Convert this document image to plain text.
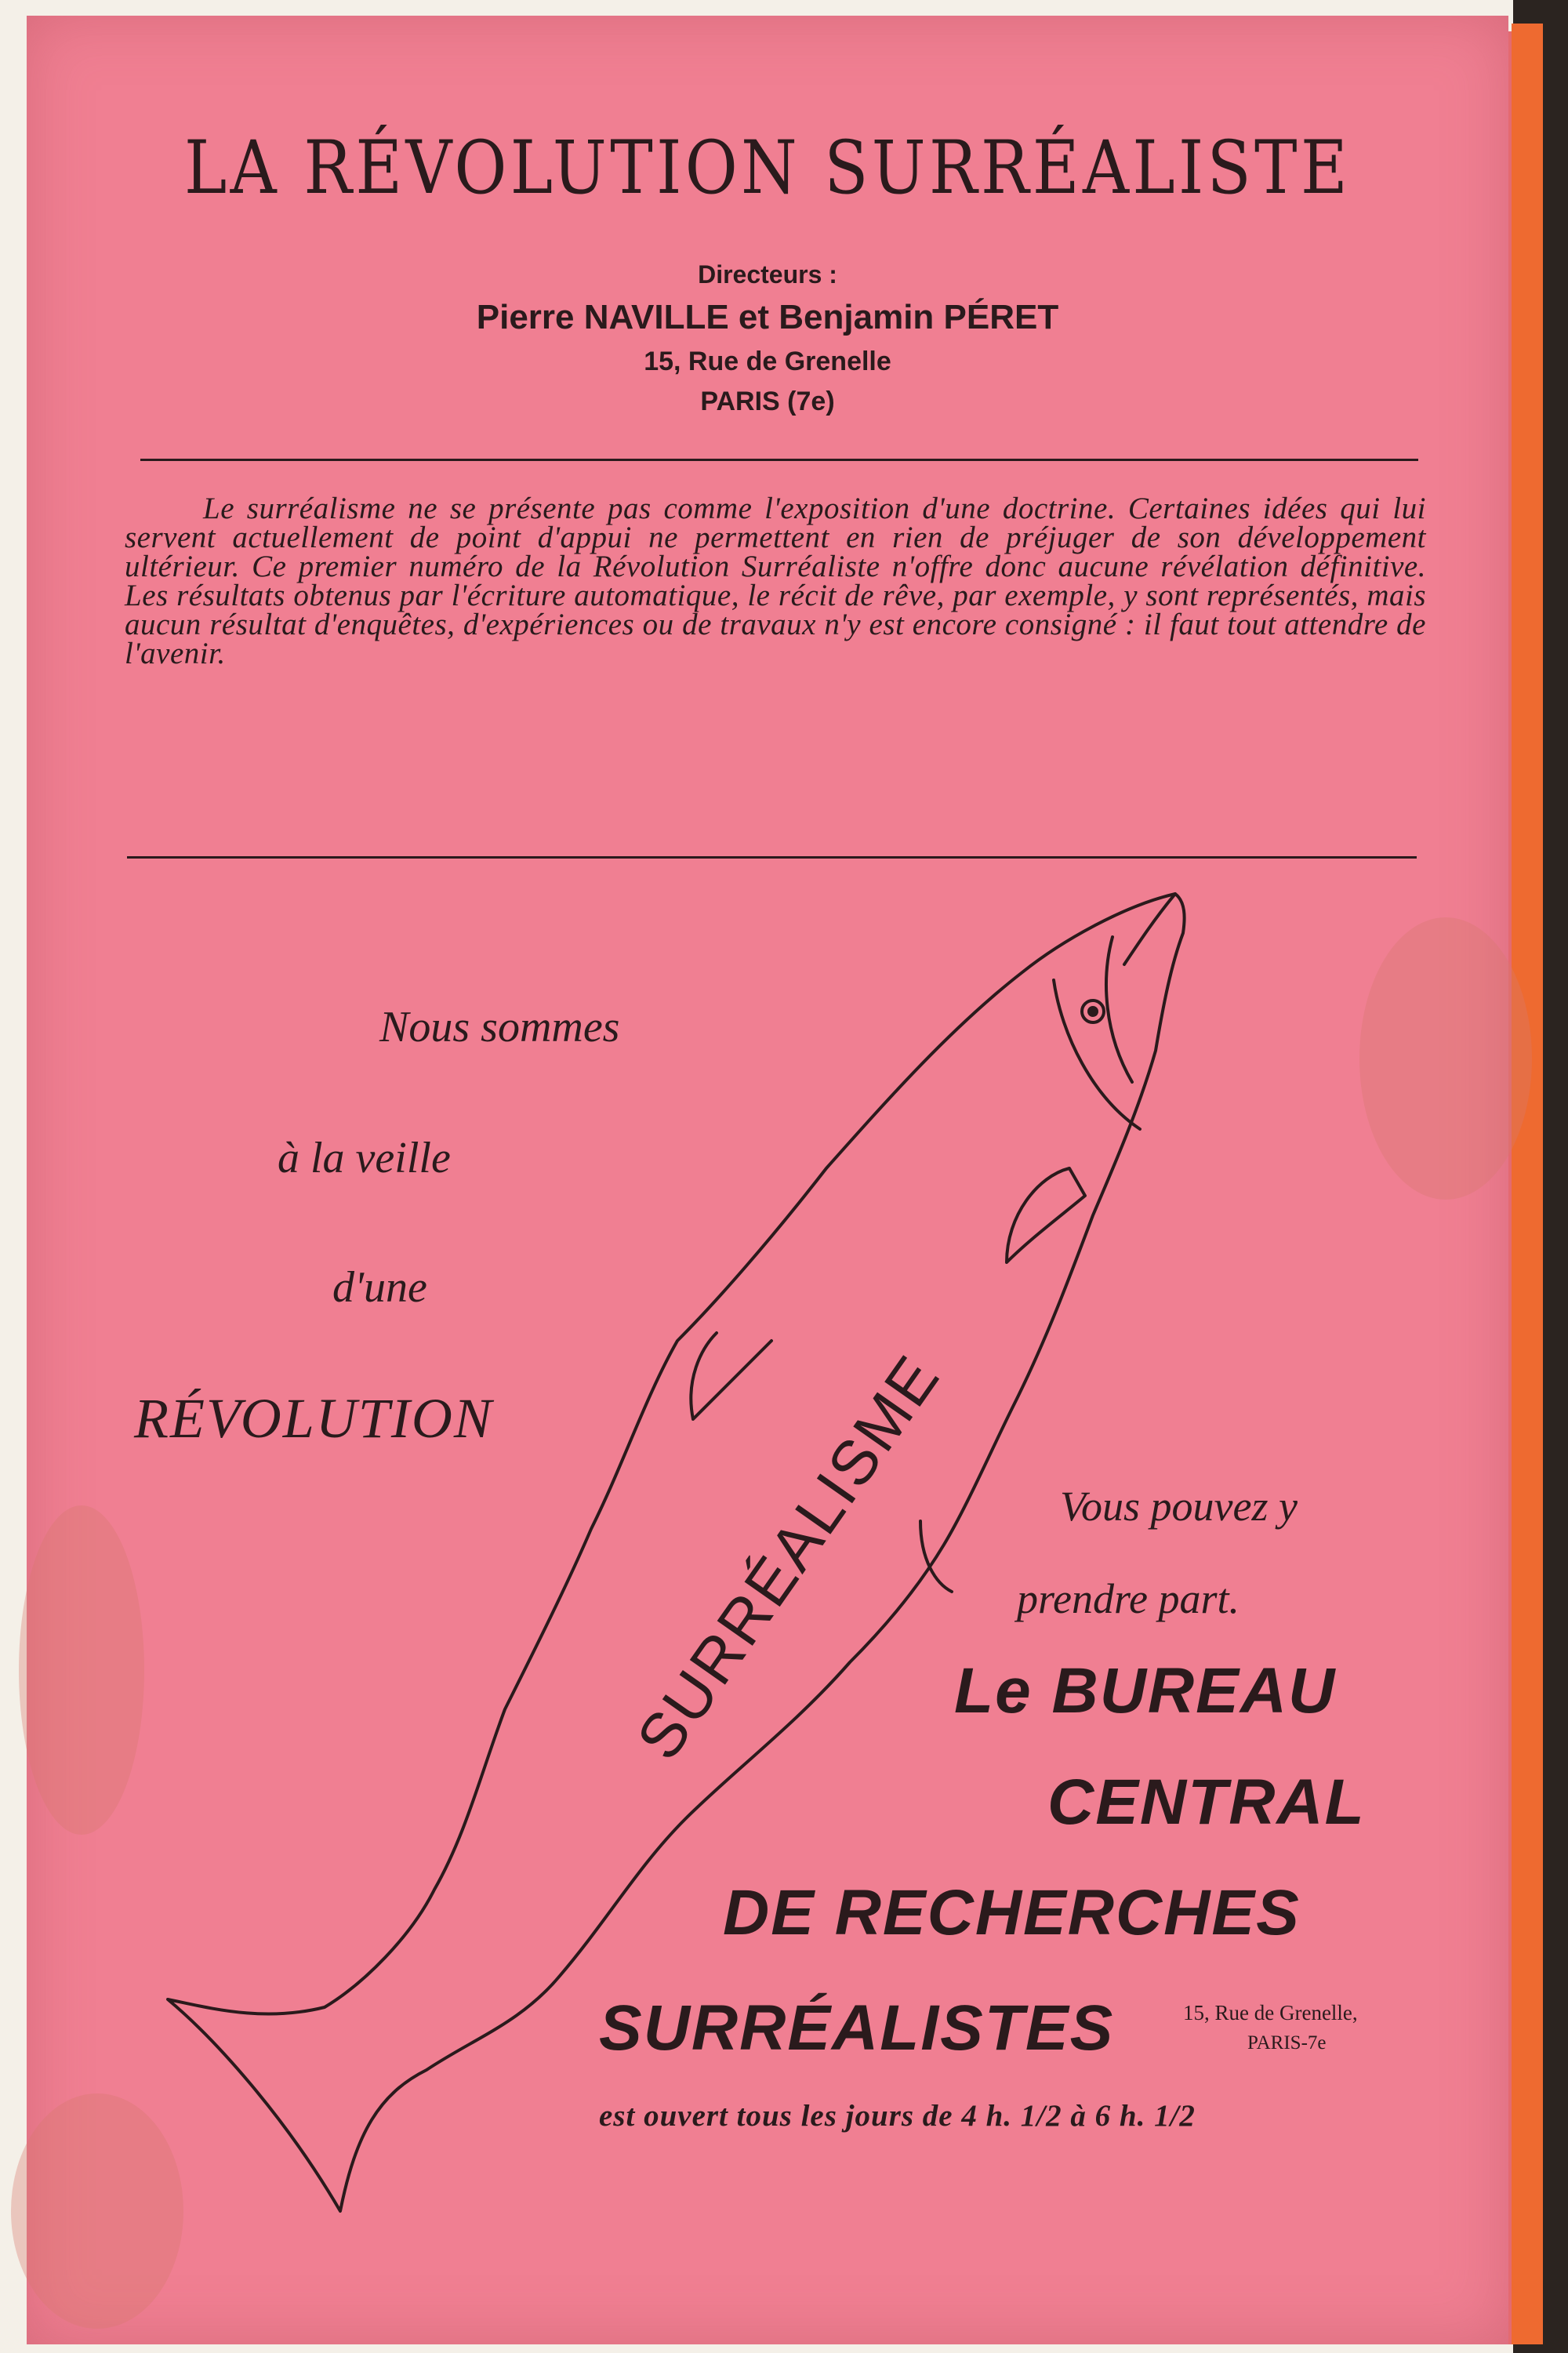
LA RÉVOLUTION SURRÉALISTE

Directeurs :

Pierre NAVILLE et Benjamin PÉRET

15, Rue de Grenelle

PARIS (7e)

Le surréalisme ne se présente pas comme l'exposition d'une doctrine. Certaines idées qui lui servent actuellement de point d'appui ne permettent en rien de préjuger de son développement ultérieur. Ce premier numéro de la Révolution Surréaliste n'offre donc aucune révélation définitive. Les résultats obtenus par l'écriture automatique, le récit de rêve, par exemple, y sont représentés, mais aucun résultat d'enquêtes, d'expériences ou de travaux n'y est encore consigné : il faut tout attendre de l'avenir.

SURRÉALISME

Nous sommes

à la veille

d'une

RÉVOLUTION

Vous pouvez y

prendre part.

Le BUREAU

CENTRAL

DE RECHERCHES

SURRÉALISTES	15, Rue de Grenelle,

PARIS-7e

est ouvert tous les jours de 4 h. 1/2 à 6 h. 1/2
